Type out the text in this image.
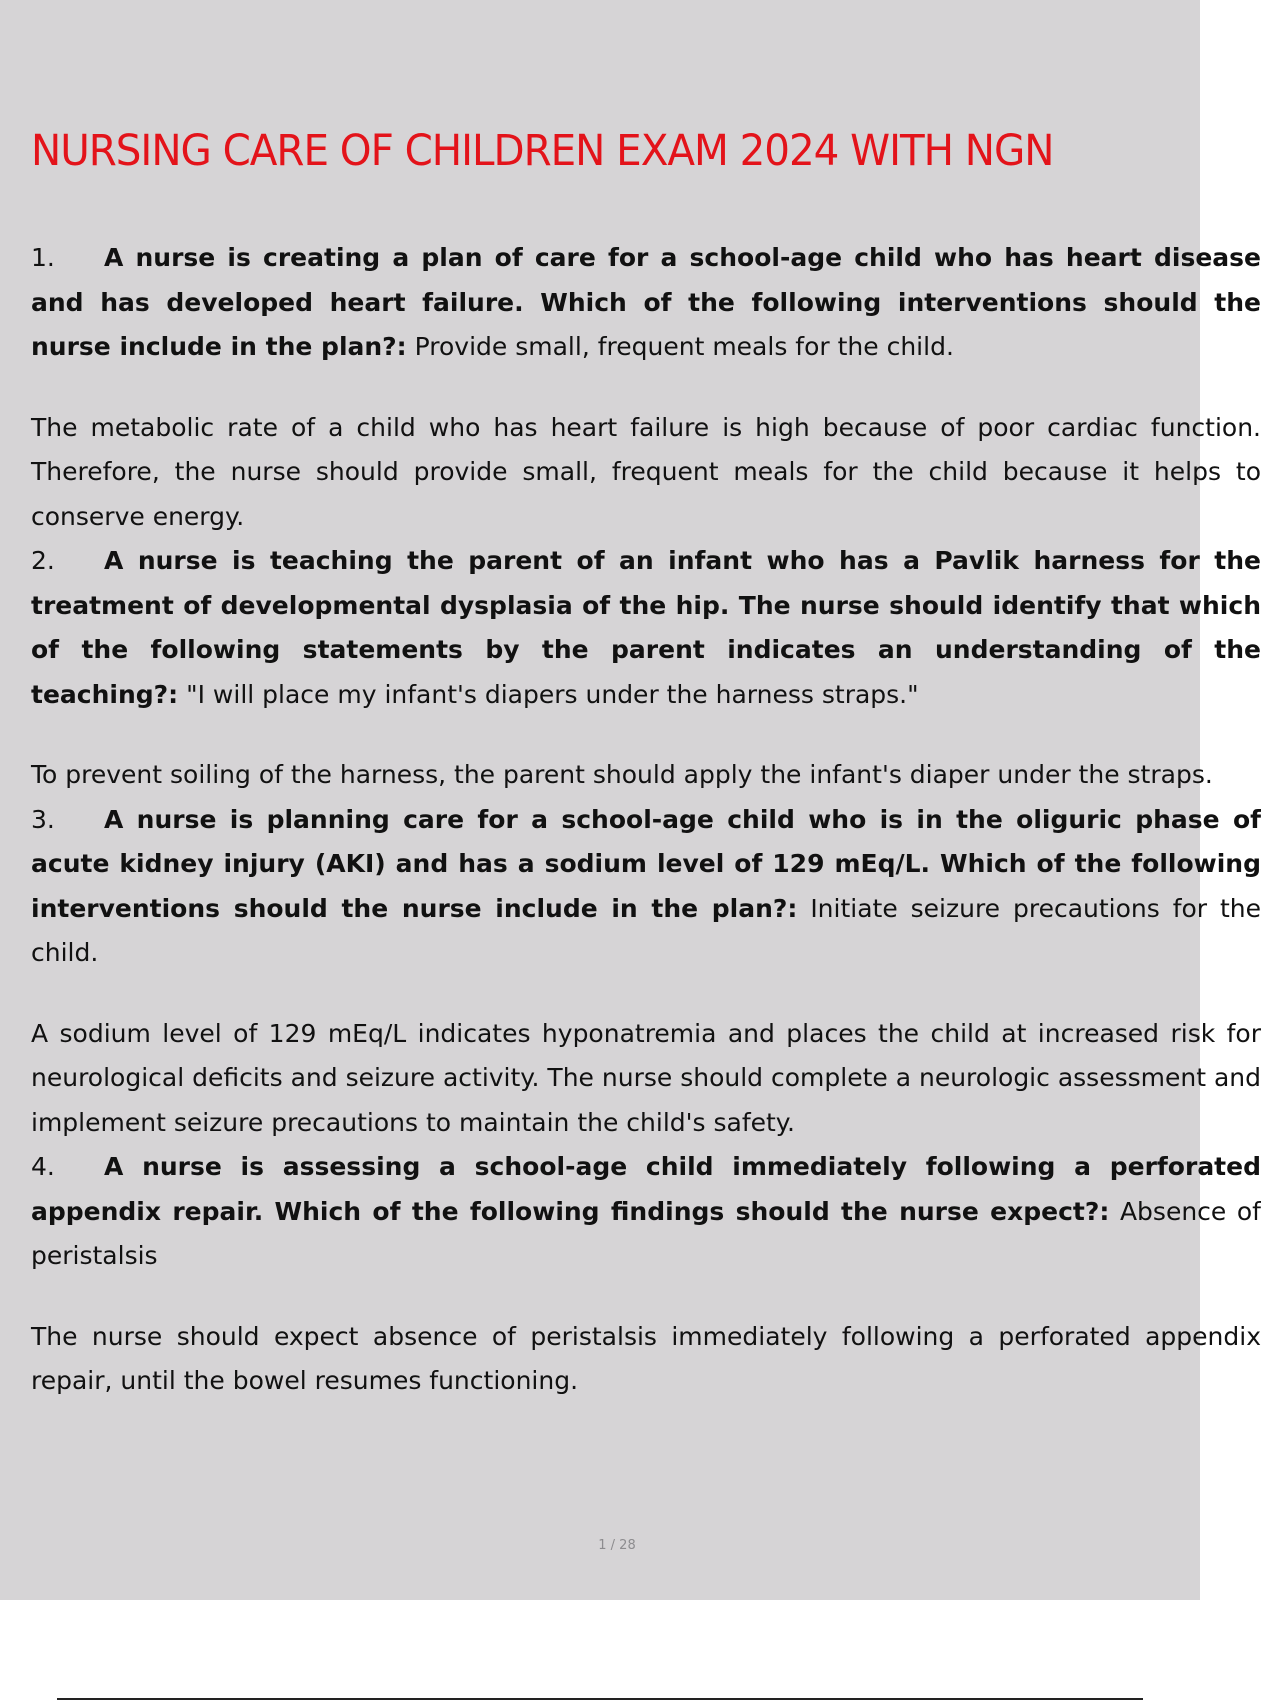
NURSING CARE OF CHILDREN EXAM 2024 WITH NGN

1. A nurse is creating a plan of care for a school-age child who has heart disease and has developed heart failure. Which of the following interventions should the nurse include in the plan?: Provide small, frequent meals for the child.

The metabolic rate of a child who has heart failure is high because of poor cardiac function. Therefore, the nurse should provide small, frequent meals for the child because it helps to conserve energy.

2. A nurse is teaching the parent of an infant who has a Pavlik harness for the treatment of developmental dysplasia of the hip. The nurse should identify that which of the following statements by the parent indicates an understanding of the teaching?: "I will place my infant's diapers under the harness straps."

To prevent soiling of the harness, the parent should apply the infant's diaper under the straps.

3. A nurse is planning care for a school-age child who is in the oliguric phase of acute kidney injury (AKI) and has a sodium level of 129 mEq/L. Which of the following interventions should the nurse include in the plan?: Initiate seizure precautions for the child.

A sodium level of 129 mEq/L indicates hyponatremia and places the child at increased risk for neurological deficits and seizure activity. The nurse should complete a neurologic assessment and implement seizure precautions to maintain the child's safety.

4. A nurse is assessing a school-age child immediately following a perforated appendix repair. Which of the following findings should the nurse expect?: Absence of peristalsis

The nurse should expect absence of peristalsis immediately following a perforated appendix repair, until the bowel resumes functioning.

1 / 28
